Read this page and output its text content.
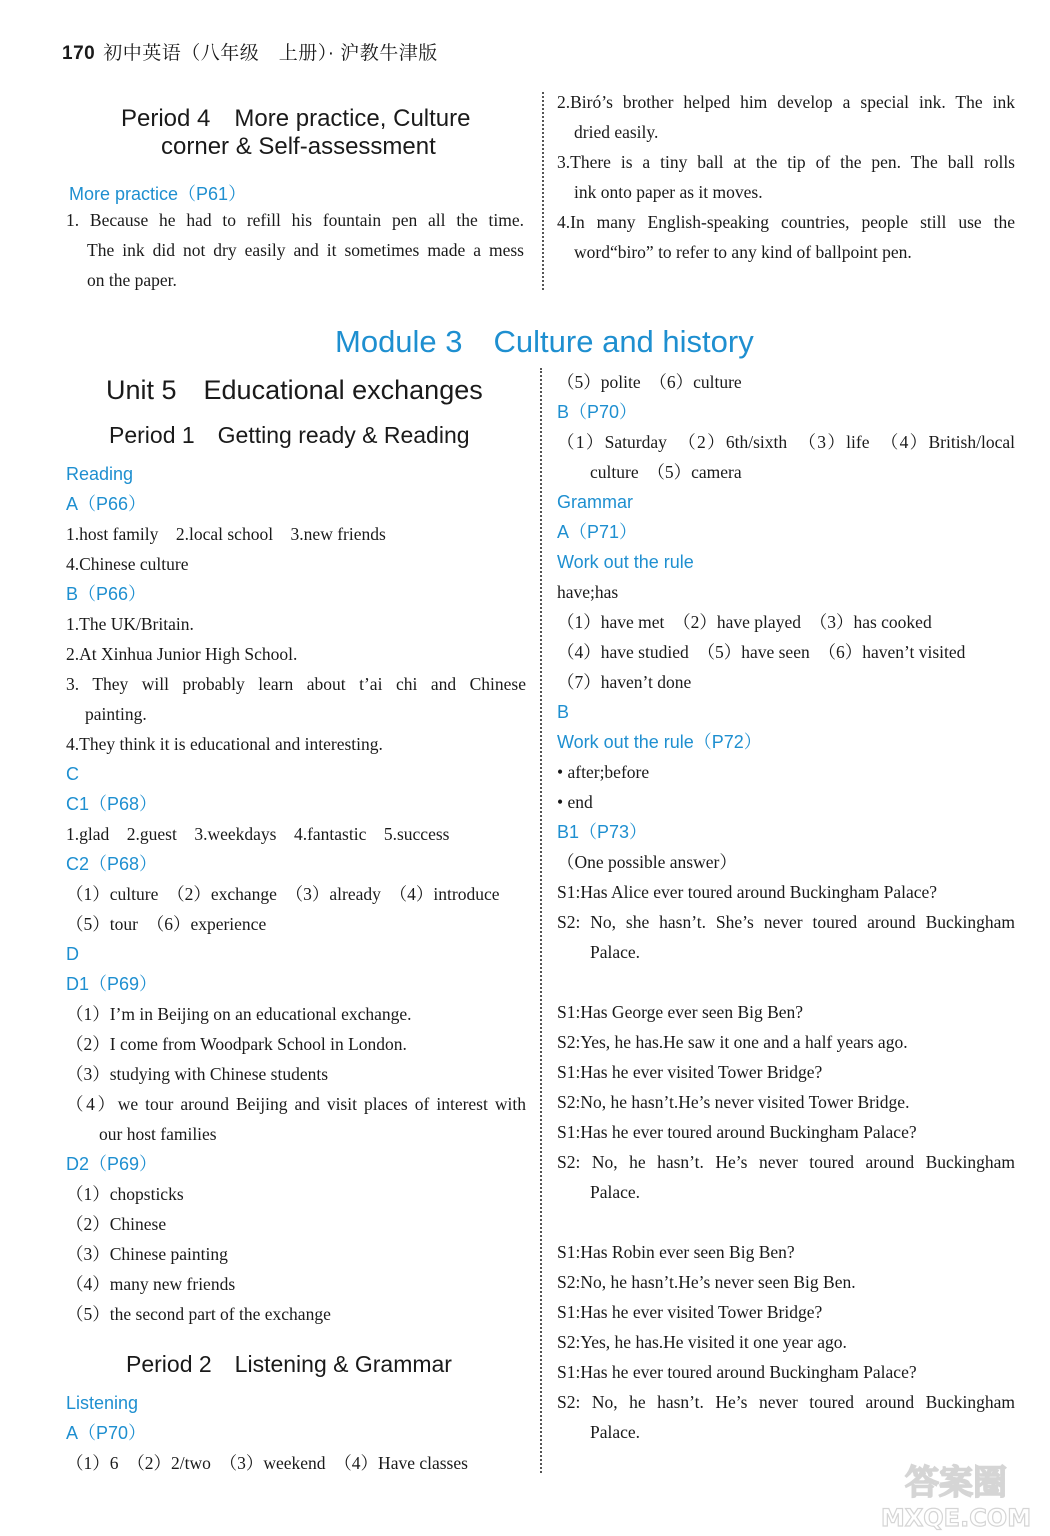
170 初中英语（八年级　上册）· 沪教牛津版
Period 4　More practice, Culture
corner & Self-assessment
More practice（P61）
1. Because he had to refill his fountain pen all the time.
The ink did not dry easily and it sometimes made a mess
on the paper.
2.Biró’s brother helped him develop a special ink. The ink
dried easily.
3.There is a tiny ball at the tip of the pen. The ball rolls
ink onto paper as it moves.
4.In many English-speaking countries, people still use the
word“biro” to refer to any kind of ballpoint pen.
Module 3　Culture and history
Unit 5　Educational exchanges
Period 1　Getting ready & Reading
Reading
A（P66）
1.host family　2.local school　3.new friends
4.Chinese culture
B（P66）
1.The UK/Britain.
2.At Xinhua Junior High School.
3. They will probably learn about t’ai chi and Chinese
painting.
4.They think it is educational and interesting.
C
C1（P68）
1.glad　2.guest　3.weekdays　4.fantastic　5.success
C2（P68）
（1）culture　（2）exchange　（3）already　（4）introduce
（5）tour　（6）experience
D
D1（P69）
（1）I’m in Beijing on an educational exchange.
（2）I come from Woodpark School in London.
（3）studying with Chinese students
（4）we tour around Beijing and visit places of interest with
our host families
D2（P69）
（1）chopsticks
（2）Chinese
（3）Chinese painting
（4）many new friends
（5）the second part of the exchange
Period 2　Listening & Grammar
Listening
A（P70）
（1）6　（2）2/two　（3）weekend　（4）Have classes
（5）polite　（6）culture
B（P70）
（1）Saturday　（2）6th/sixth　（3）life　（4）British/local
culture　（5）camera
Grammar
A（P71）
Work out the rule
have;has
（1）have met　（2）have played　（3）has cooked
（4）have studied　（5）have seen　（6）haven’t visited
（7）haven’t done
B
Work out the rule（P72）
• after;before
• end
B1（P73）
（One possible answer）
S1:Has Alice ever toured around Buckingham Palace?
S2: No, she hasn’t. She’s never toured around Buckingham
Palace.
S1:Has George ever seen Big Ben?
S2:Yes, he has.He saw it one and a half years ago.
S1:Has he ever visited Tower Bridge?
S2:No, he hasn’t.He’s never visited Tower Bridge.
S1:Has he ever toured around Buckingham Palace?
S2: No, he hasn’t. He’s never toured around Buckingham
Palace.
S1:Has Robin ever seen Big Ben?
S2:No, he hasn’t.He’s never seen Big Ben.
S1:Has he ever visited Tower Bridge?
S2:Yes, he has.He visited it one year ago.
S1:Has he ever toured around Buckingham Palace?
S2: No, he hasn’t. He’s never toured around Buckingham
Palace.
答案圈
MXQE.COM
